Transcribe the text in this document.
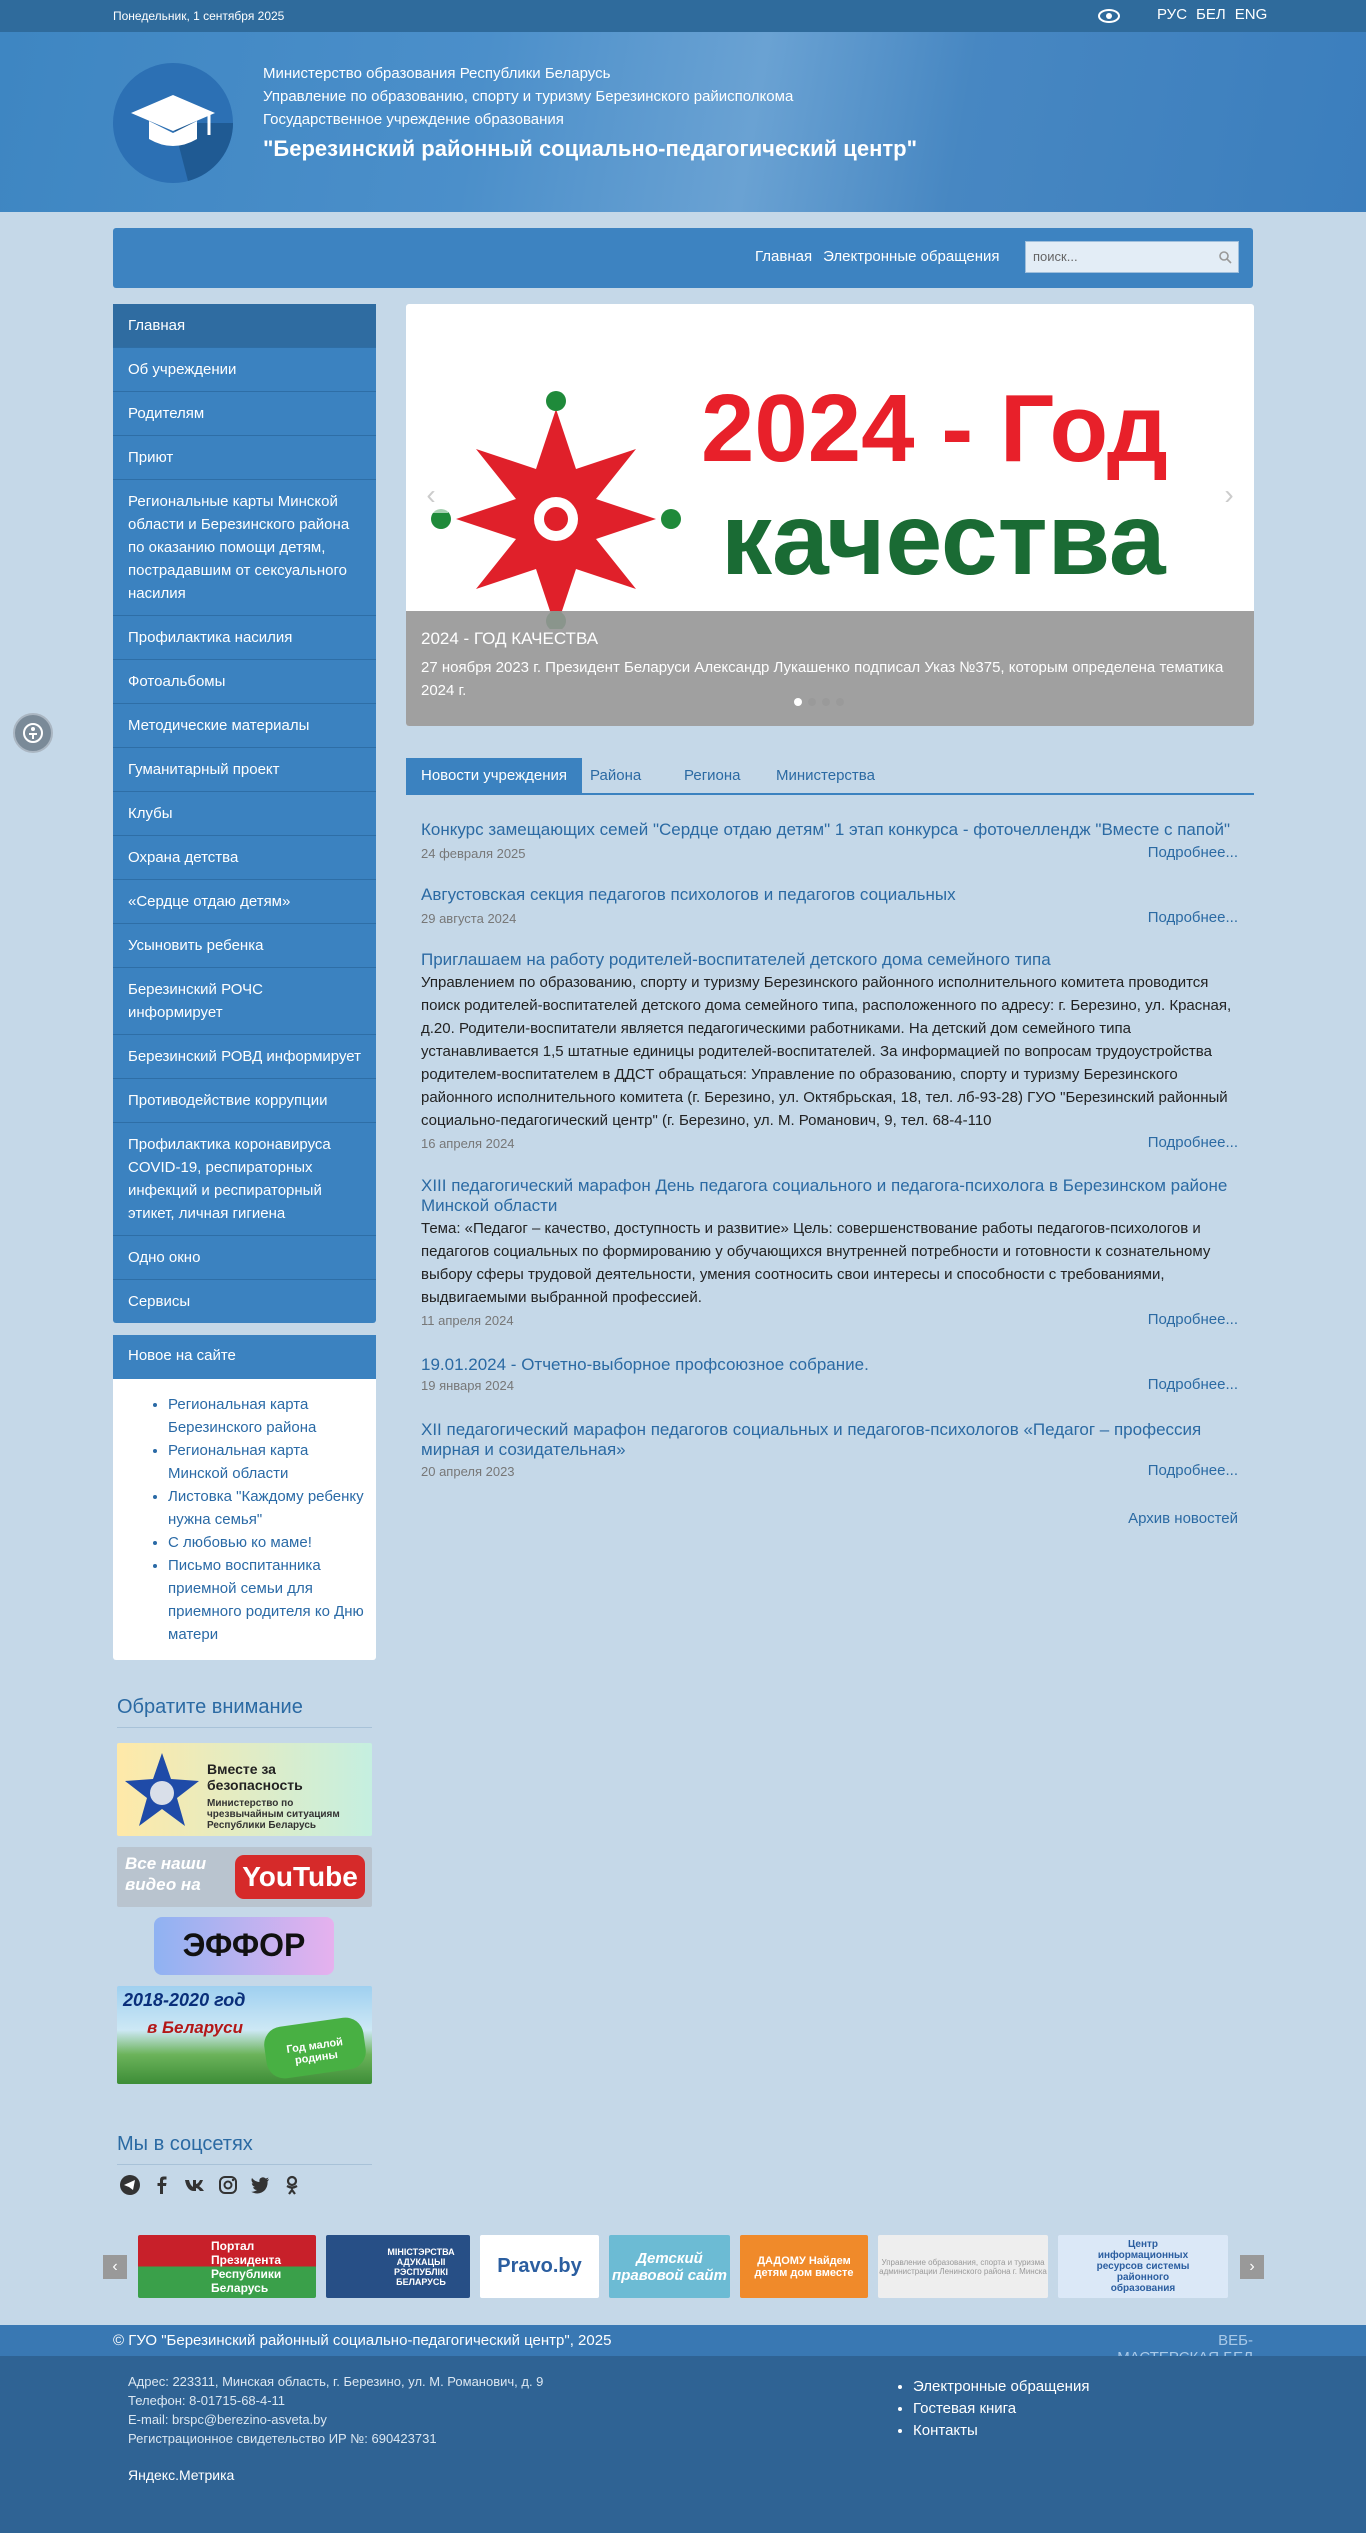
Понедельник, 1 сентября 2025	РУС БЕЛ ENG
Министерство образования Республики Беларусь
Управление по образованию, спорту и туризму Березинского райисполкома
Государственное учреждение образования
"Березинский районный социально-педагогический центр"
Главная Электронные обращения	поиск...
Главная
Об учреждении
Родителям
Приют
Региональные карты Минской области и Березинского района по оказанию помощи детям, пострадавшим от сексуального насилия
Профилактика насилия
Фотоальбомы
Методические материалы
Гуманитарный проект
Клубы
Охрана детства
«Сердце отдаю детям»
Усыновить ребенка
Березинский РОЧС информирует
Березинский РОВД информирует
Противодействие коррупции
Профилактика коронавируса COVID-19, респираторных инфекций и респираторный этикет, личная гигиена
Одно окно
Сервисы
Новое на сайте
• Региональная карта Березинского района
• Региональная карта Минской области
• Листовка "Каждому ребенку нужна семья"
• С любовью ко маме!
• Письмо воспитанника приемной семьи для приемного родителя ко Дню матери
Обратите внимание
Вместе за безопасность
Министерство по чрезвычайным ситуациям Республики Беларусь
Все наши видео на	YouTube
ЭФФОР
2018-2020 год
в Беларуси
Год малой родины
Мы в соцсетях
2024 - Год
качества
‹	›
2024 - ГОД КАЧЕСТВА
27 ноября 2023 г. Президент Беларуси Александр Лукашенко подписал Указ №375, которым определена тематика 2024 г.
Новости учреждения	Района	Региона	Министерства
Конкурс замещающих семей "Сердце отдаю детям" 1 этап конкурса - фоточеллендж "Вместе с папой"
24 февраля 2025	Подробнее...
Августовская секция педагогов психологов и педагогов социальных
29 августа 2024	Подробнее...
Приглашаем на работу родителей-воспитателей детского дома семейного типа
Управлением по образованию, спорту и туризму Березинского районного исполнительного комитета проводится поиск родителей-воспитателей детского дома семейного типа, расположенного по адресу: г. Березино, ул. Красная, д.20. Родители-воспитатели является педагогическими работниками. На детский дом семейного типа устанавливается 1,5 штатные единицы родителей-воспитателей. За информацией по вопросам трудоустройства родителем-воспитателем в ДДСТ обращаться: Управление по образованию, спорту и туризму Березинского районного исполнительного комитета (г. Березино, ул. Октябрьская, 18, тел. лб-93-28) ГУО "Березинский районный социально-педагогический центр" (г. Березино, ул. М. Романович, 9, тел. 68-4-110
16 апреля 2024	Подробнее...
XIII педагогический марафон День педагога социального и педагога-психолога в Березинском районе Минской области
Тема: «Педагог – качество, доступность и развитие» Цель: совершенствование работы педагогов-психологов и педагогов социальных по формированию у обучающихся внутренней потребности и готовности к сознательному выбору сферы трудовой деятельности, умения соотносить свои интересы и способности с требованиями, выдвигаемыми выбранной профессией.
11 апреля 2024	Подробнее...
19.01.2024 - Отчетно-выборное профсоюзное собрание.
19 января 2024	Подробнее...
XII педагогический марафон педагогов социальных и педагогов-психологов «Педагог – профессия мирная и созидательная»
20 апреля 2023	Подробнее...
Архив новостей
‹	›
Портал Президента Республики Беларусь
МІНІСТЭРСТВА АДУКАЦЫІ РЭСПУБЛІКІ БЕЛАРУСЬ
Pravo.by	Детский правовой сайт
ДАДОМУ Найдем детям дом вместе
Управление образования, спорта и туризма администрации Ленинского района г. Минска
Центр информационных ресурсов системы районного образования
© ГУО "Березинский районный социально-педагогический центр", 2025	ВЕБ-
Адрес: 223311, Минская область, г. Березино, ул. М. Романович, д. 9
Телефон: 8-01715-68-4-11
E-mail: brspc@berezino-asveta.by
Регистрационное свидетельство ИР №: 690423731
• Электронные обращения
• Гостевая книга
• Контакты
Яндекс.Метрика
